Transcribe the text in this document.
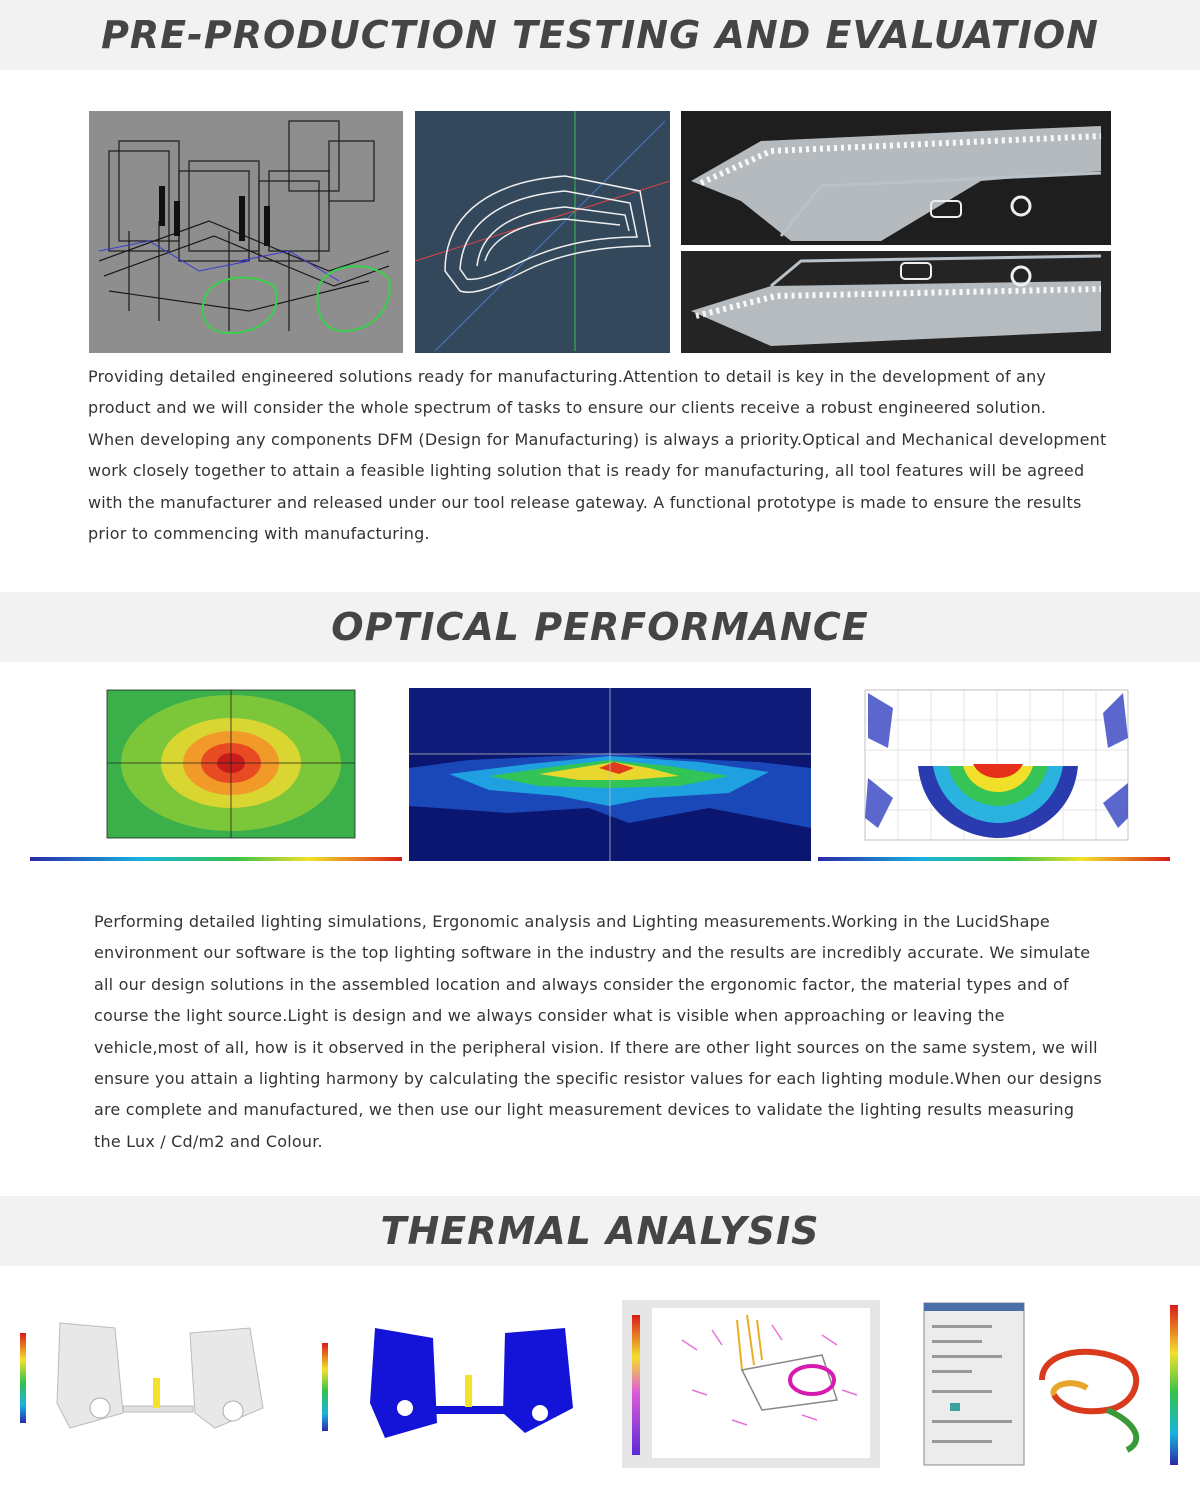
PRE-PRODUCTION TESTING AND EVALUATION

Providing detailed engineered solutions ready for manufacturing.Attention to detail is key in the development of any product and we will consider the whole spectrum of tasks to ensure our clients receive a robust engineered solution.

When developing any components DFM (Design for Manufacturing) is always a priority.Optical and Mechanical development work closely together to attain a feasible lighting solution that is ready for manufacturing, all tool features will be agreed with the manufacturer and released under our tool release gateway. A functional prototype is made to ensure the results prior to commencing with manufacturing.

OPTICAL PERFORMANCE

Performing detailed lighting simulations, Ergonomic analysis and Lighting measurements.Working in the LucidShape environment our software is the top lighting software in the industry and the results are incredibly accurate. We simulate all our design solutions in the assembled location and always consider the ergonomic factor, the material types and of course the light source.Light is design and we always consider what is visible when approaching or leaving the vehicle,most of all, how is it observed in the peripheral vision. If there are other light sources on the same system, we will ensure you attain a lighting harmony by calculating the specific resistor values for each lighting module.When our designs are complete and manufactured, we then use our light measurement devices to validate the lighting results measuring the Lux / Cd/m2 and Colour.

THERMAL ANALYSIS
